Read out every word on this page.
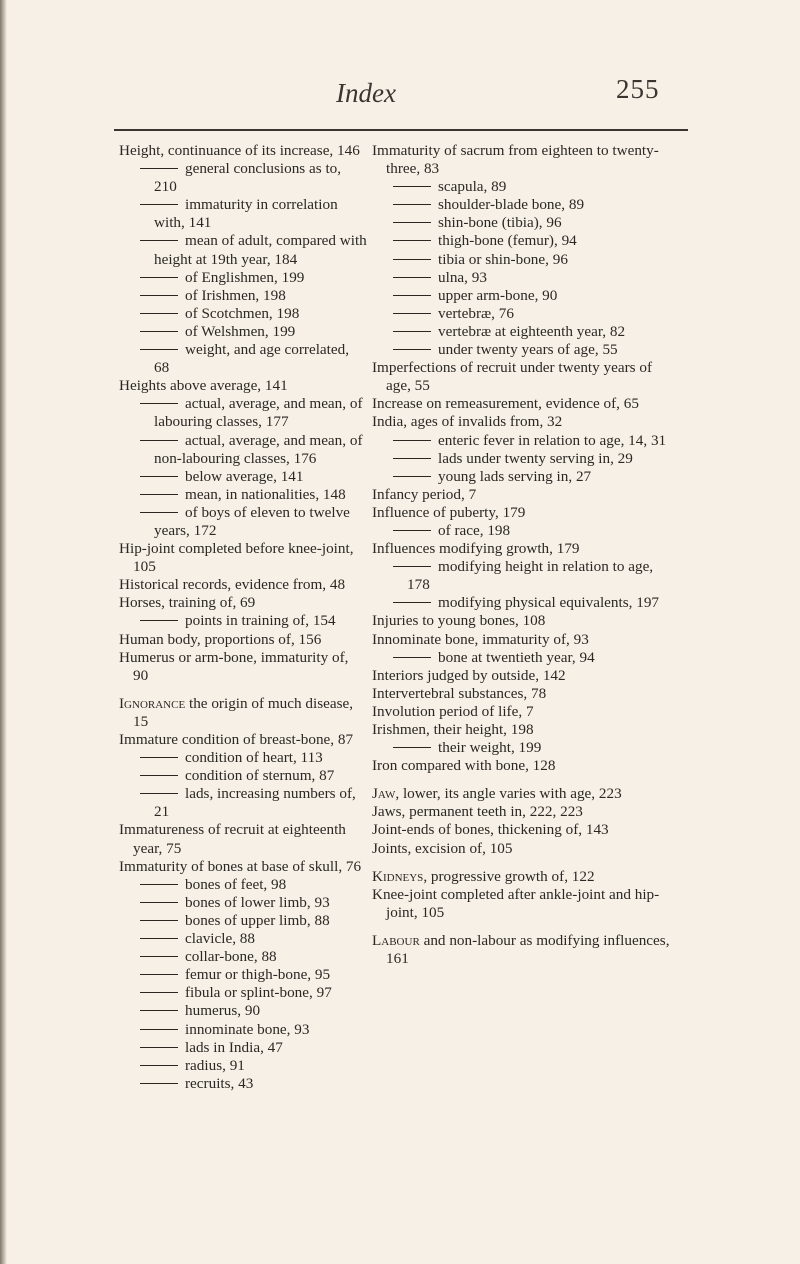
Index	255
Height, continuance of its increase, 146
general conclusions as to, 210
immaturity in correlation with, 141
mean of adult, compared with height at 19th year, 184
of Englishmen, 199
of Irishmen, 198
of Scotchmen, 198
of Welshmen, 199
weight, and age correlated, 68
Heights above average, 141
actual, average, and mean, of labouring classes, 177
actual, average, and mean, of non-labouring classes, 176
below average, 141
mean, in nationalities, 148
of boys of eleven to twelve years, 172
Hip-joint completed before knee-joint, 105
Historical records, evidence from, 48
Horses, training of, 69
points in training of, 154
Human body, proportions of, 156
Humerus or arm-bone, immaturity of, 90
Ignorance the origin of much disease, 15
Immature condition of breast-bone, 87
condition of heart, 113
condition of sternum, 87
lads, increasing numbers of, 21
Immatureness of recruit at eighteenth year, 75
Immaturity of bones at base of skull, 76
bones of feet, 98
bones of lower limb, 93
bones of upper limb, 88
clavicle, 88
collar-bone, 88
femur or thigh-bone, 95
fibula or splint-bone, 97
humerus, 90
innominate bone, 93
lads in India, 47
radius, 91
recruits, 43
Immaturity of sacrum from eighteen to twenty-three, 83
scapula, 89
shoulder-blade bone, 89
shin-bone (tibia), 96
thigh-bone (femur), 94
tibia or shin-bone, 96
ulna, 93
upper arm-bone, 90
vertebræ, 76
vertebræ at eighteenth year, 82
under twenty years of age, 55
Imperfections of recruit under twenty years of age, 55
Increase on remeasurement, evidence of, 65
India, ages of invalids from, 32
enteric fever in relation to age, 14, 31
lads under twenty serving in, 29
young lads serving in, 27
Infancy period, 7
Influence of puberty, 179
of race, 198
Influences modifying growth, 179
modifying height in relation to age, 178
modifying physical equivalents, 197
Injuries to young bones, 108
Innominate bone, immaturity of, 93
bone at twentieth year, 94
Interiors judged by outside, 142
Intervertebral substances, 78
Involution period of life, 7
Irishmen, their height, 198
their weight, 199
Iron compared with bone, 128
Jaw, lower, its angle varies with age, 223
Jaws, permanent teeth in, 222, 223
Joint-ends of bones, thickening of, 143
Joints, excision of, 105
Kidneys, progressive growth of, 122
Knee-joint completed after ankle-joint and hip-joint, 105
Labour and non-labour as modifying influences, 161
